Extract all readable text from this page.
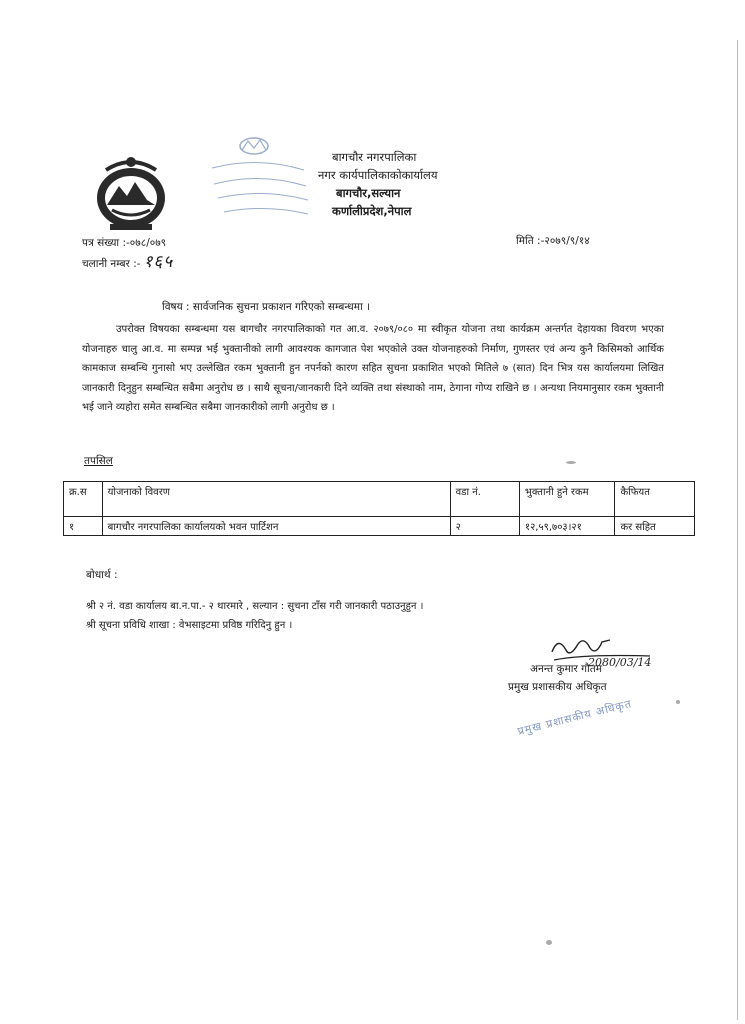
बागचौर नगरपालिका
नगर कार्यपालिकाकोकार्यालय
बागचौर,सल्यान
कर्णालीप्रदेश,नेपाल
पत्र संख्या :-०७८/०७९
चलानी नम्बर :- १६५
मिति :-२०७९/९/१४
विषय : सार्वजनिक सुचना प्रकाशन गरिएको सम्बन्धमा ।
उपरोक्त विषयका सम्बन्धमा यस बागचौर नगरपालिकाको गत आ.व. २०७९/०८० मा स्वीकृत योजना तथा कार्यक्रम अन्तर्गत देहायका विवरण भएका योजनाहरु चालु आ.व. मा सम्पन्न भई भुक्तानीको लागी आवश्यक कागजात पेश भएकोले उक्त योजनाहरुको निर्माण, गुणस्तर एवं अन्य कुनै किसिमको आर्थिक कामकाज सम्बन्धि गुनासो भए उल्लेखित रकम भुक्तानी हुन नपर्नको कारण सहित सुचना प्रकाशित भएको मितिले ७ (सात) दिन भित्र यस कार्यालयमा लिखित जानकारी दिनुहुन सम्बन्धित सबैमा अनुरोध छ । साथै सूचना/जानकारी दिने व्यक्ति तथा संस्थाको नाम, ठेगाना गोप्य राखिने छ । अन्यथा नियमानुसार रकम भुक्तानी भई जाने व्यहोरा समेत सम्बन्धित सबैमा जानकारीको लागी अनुरोध छ ।
तपसिल
क्र.स	योजनाको विवरण	वडा नं.	भुक्तानी हुने रकम	कैफियत
१	बागचौर नगरपालिका कार्यालयको भवन पार्टिशन	२	१२,५९,७०३।२१	कर सहित
बोधार्थ :
श्री २ नं. वडा कार्यालय बा.न.पा.- २ थारमारे , सल्यान : सुचना टाँस गरी जानकारी पठाउनुहुन ।
श्री सूचना प्रविधि शाखा : वेभसाइटमा प्रविष्ठ गरिदिनु हुन ।
2080/03/14
अनन्त कुमार गौतम
प्रमुख प्रशासकीय अधिकृत
प्रमुख प्रशासकीय अधिकृत
